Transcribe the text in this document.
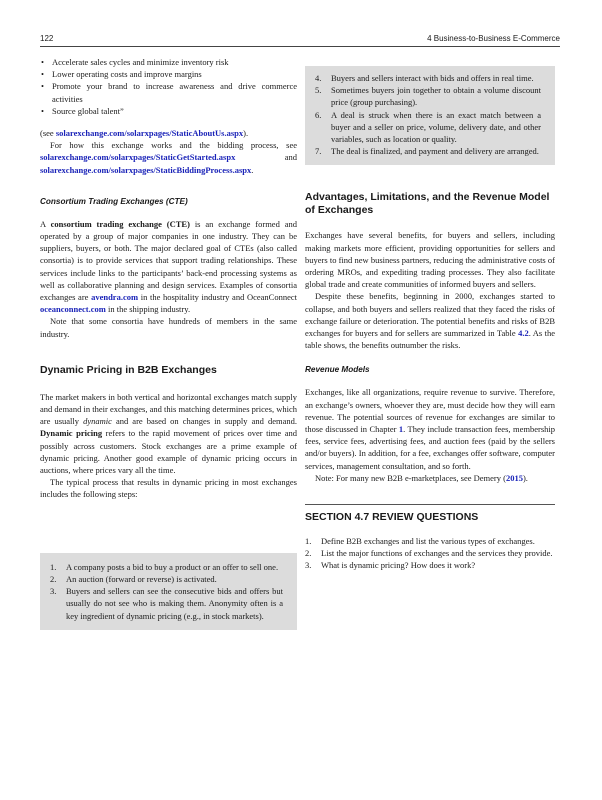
122	4 Business-to-Business E-Commerce
• Accelerate sales cycles and minimize inventory risk
• Lower operating costs and improve margins
• Promote your brand to increase awareness and drive commerce activities
• Source global talent”

(see solarexchange.com/solarxpages/StaticAboutUs.aspx).

For how this exchange works and the bidding process, see solarexchange.com/solarxpages/StaticGetStarted.aspx and solarexchange.com/solarxpages/StaticBiddingProcess.aspx.

Consortium Trading Exchanges (CTE)

A consortium trading exchange (CTE) is an exchange formed and operated by a group of major companies in one industry. They can be suppliers, buyers, or both. The major declared goal of CTEs (also called consortia) is to provide services that support trading relationships. These services include links to the participants’ back-end processing systems as well as collaborative planning and design services. Examples of consortia exchanges are avendra.com in the hospitality industry and OceanConnect oceanconnect.com in the shipping industry.

Note that some consortia have hundreds of members in the same industry.

Dynamic Pricing in B2B Exchanges

The market makers in both vertical and horizontal exchanges match supply and demand in their exchanges, and this matching determines prices, which are usually dynamic and are based on changes in supply and demand. Dynamic pricing refers to the rapid movement of prices over time and possibly across customers. Stock exchanges are a prime example of dynamic pricing. Another good example of dynamic pricing occurs in auctions, where prices vary all the time.

The typical process that results in dynamic pricing in most exchanges includes the following steps:

1. A company posts a bid to buy a product or an offer to sell one.
2. An auction (forward or reverse) is activated.
3. Buyers and sellers can see the consecutive bids and offers but usually do not see who is making them. Anonymity often is a key ingredient of dynamic pricing (e.g., in stock markets).
4. Buyers and sellers interact with bids and offers in real time.
5. Sometimes buyers join together to obtain a volume discount price (group purchasing).
6. A deal is struck when there is an exact match between a buyer and a seller on price, volume, delivery date, and other variables, such as location or quality.
7. The deal is finalized, and payment and delivery are arranged.
Advantages, Limitations, and the Revenue Model of Exchanges

Exchanges have several benefits, for buyers and sellers, including making markets more efficient, providing opportunities for sellers and buyers to find new business partners, reducing the administrative costs of ordering MROs, and expediting trading processes. They also facilitate global trade and create communities of informed buyers and sellers.

Despite these benefits, beginning in 2000, exchanges started to collapse, and both buyers and sellers realized that they faced the risks of exchange failure or deterioration. The potential benefits and risks of B2B exchanges for buyers and for sellers are summarized in Table 4.2. As the table shows, the benefits outnumber the risks.

Revenue Models

Exchanges, like all organizations, require revenue to survive. Therefore, an exchange’s owners, whoever they are, must decide how they will earn revenue. The potential sources of revenue for exchanges are similar to those discussed in Chapter 1. They include transaction fees, membership fees, service fees, advertising fees, and auction fees (paid by the sellers and/or buyers). In addition, for a fee, exchanges offer software, computer services, management consultation, and so forth.

Note: For many new B2B e-marketplaces, see Demery (2015).

SECTION 4.7 REVIEW QUESTIONS
1. Define B2B exchanges and list the various types of exchanges.
2. List the major functions of exchanges and the services they provide.
3. What is dynamic pricing? How does it work?
